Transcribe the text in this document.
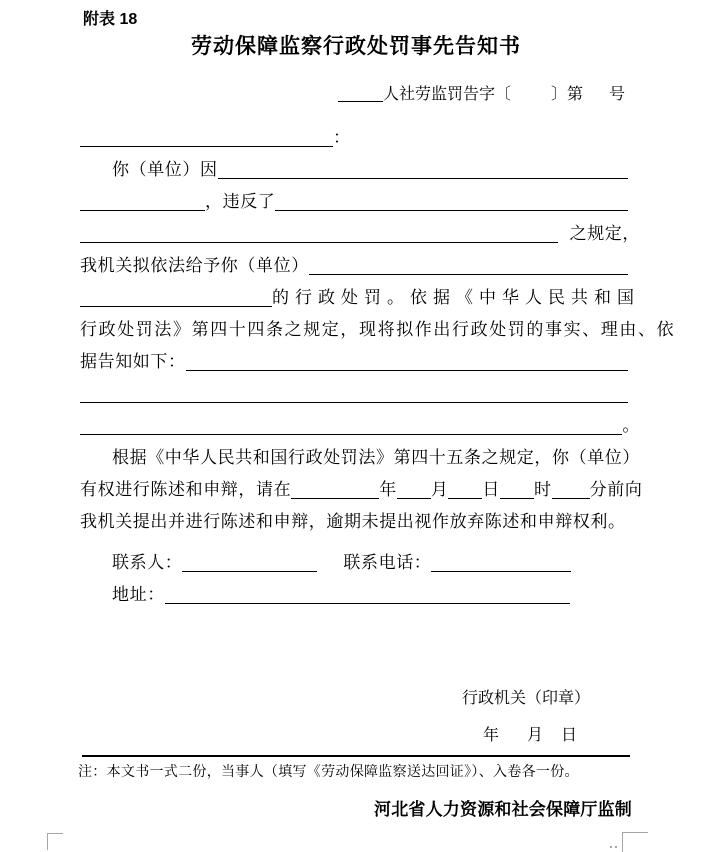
附表 18
劳动保障监察行政处罚事先告知书

人社劳监罚告字〔
	〕第
号
：
你（单位）因
，违反了
之规定，
我机关拟依法给予你（单位）
的行政处罚。依据《中华人民共和国
行政处罚法》第四十四条之规定，现将拟作出行政处罚的事实、理由、依
据告知如下：
。
根据《中华人民共和国行政处罚法》第四十五条之规定，你（单位）
有权进行陈述和申辩，请在	年 月 日 时 分前向
我机关提出并进行陈述和申辩，逾期未提出视作放弃陈述和申辩权利。
联系人：	联系电话：
地址：
行政机关（印章）
年 月 日
注：本文书一式二份，当事人（填写《劳动保障监察送达回证》）、入卷各一份。
河北省人力资源和社会保障厅监制
